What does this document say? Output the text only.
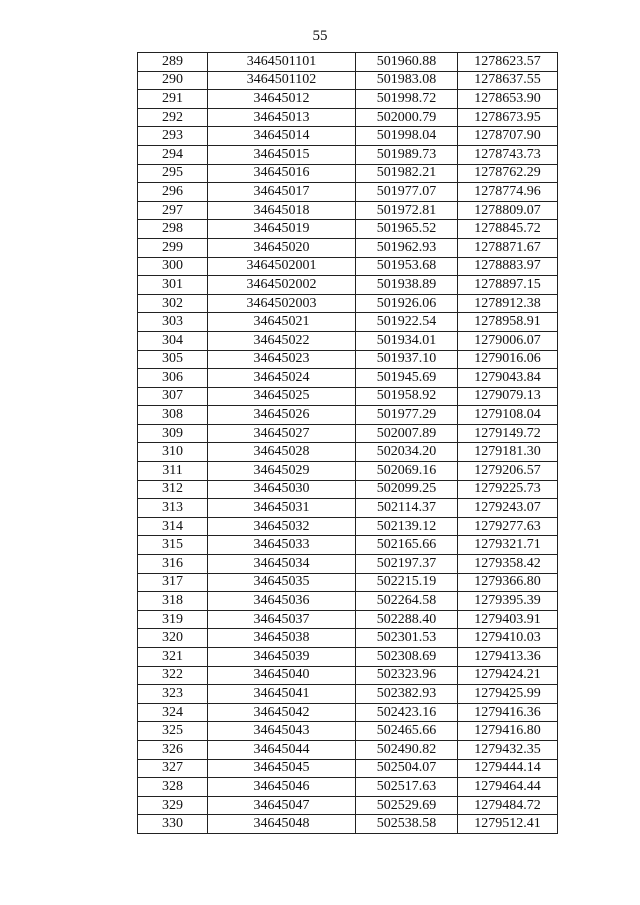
55
289	3464501101	501960.88	1278623.57
290	3464501102	501983.08	1278637.55
291	34645012	501998.72	1278653.90
292	34645013	502000.79	1278673.95
293	34645014	501998.04	1278707.90
294	34645015	501989.73	1278743.73
295	34645016	501982.21	1278762.29
296	34645017	501977.07	1278774.96
297	34645018	501972.81	1278809.07
298	34645019	501965.52	1278845.72
299	34645020	501962.93	1278871.67
300	3464502001	501953.68	1278883.97
301	3464502002	501938.89	1278897.15
302	3464502003	501926.06	1278912.38
303	34645021	501922.54	1278958.91
304	34645022	501934.01	1279006.07
305	34645023	501937.10	1279016.06
306	34645024	501945.69	1279043.84
307	34645025	501958.92	1279079.13
308	34645026	501977.29	1279108.04
309	34645027	502007.89	1279149.72
310	34645028	502034.20	1279181.30
311	34645029	502069.16	1279206.57
312	34645030	502099.25	1279225.73
313	34645031	502114.37	1279243.07
314	34645032	502139.12	1279277.63
315	34645033	502165.66	1279321.71
316	34645034	502197.37	1279358.42
317	34645035	502215.19	1279366.80
318	34645036	502264.58	1279395.39
319	34645037	502288.40	1279403.91
320	34645038	502301.53	1279410.03
321	34645039	502308.69	1279413.36
322	34645040	502323.96	1279424.21
323	34645041	502382.93	1279425.99
324	34645042	502423.16	1279416.36
325	34645043	502465.66	1279416.80
326	34645044	502490.82	1279432.35
327	34645045	502504.07	1279444.14
328	34645046	502517.63	1279464.44
329	34645047	502529.69	1279484.72
330	34645048	502538.58	1279512.41
